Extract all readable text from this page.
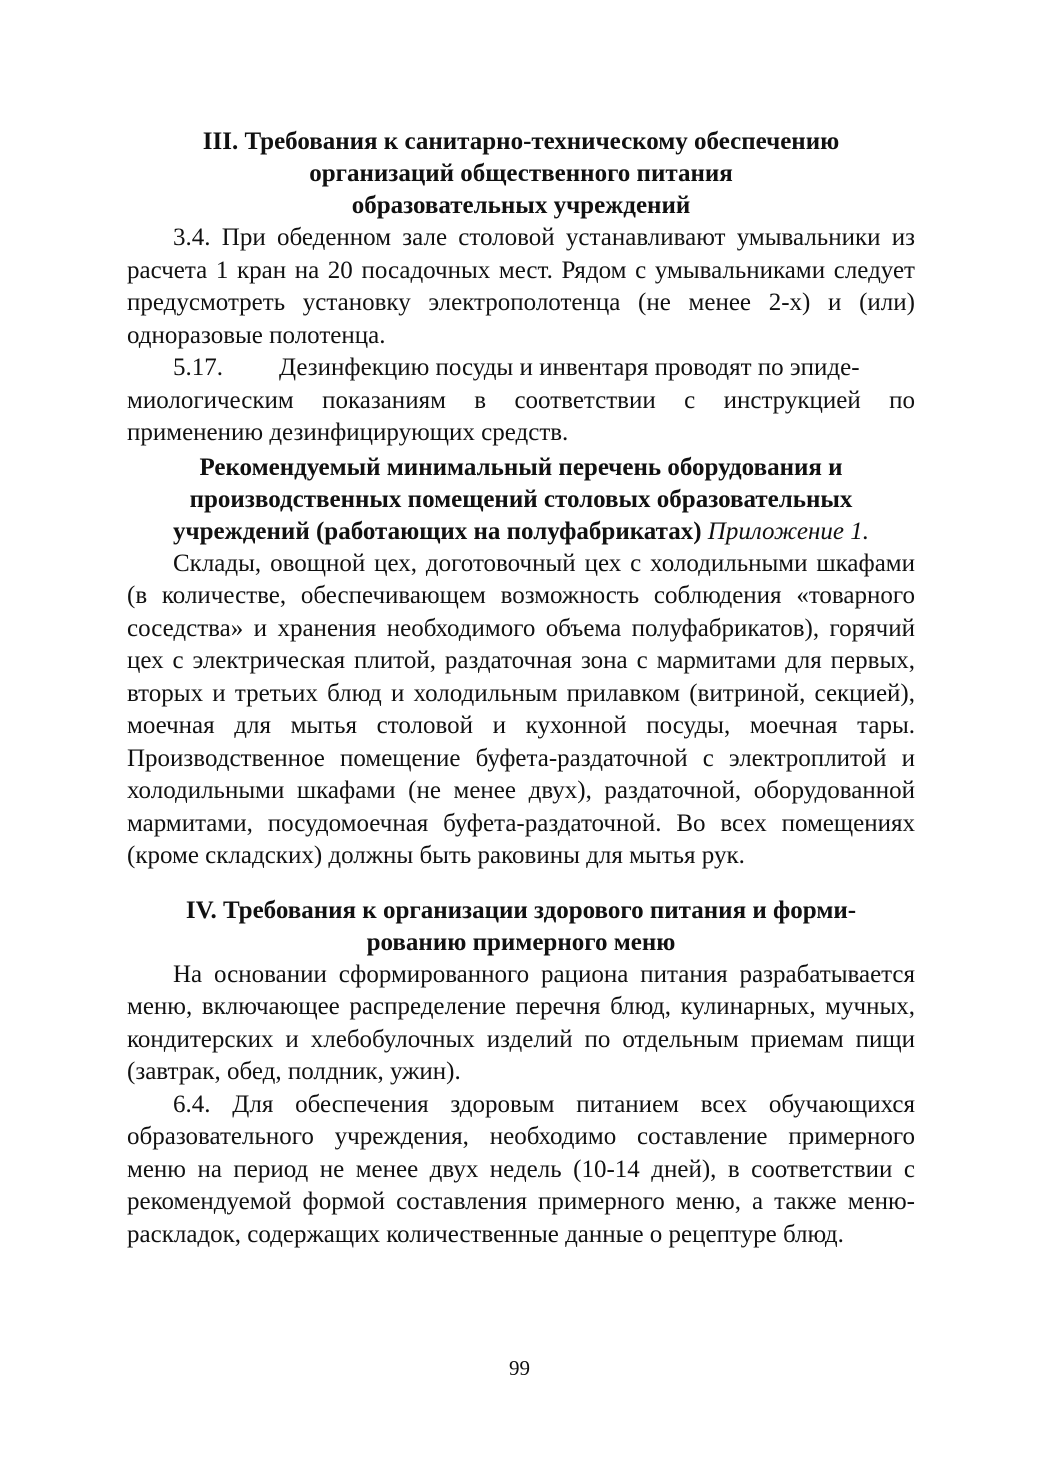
III. Требования к санитарно-техническому обеспечению
организаций общественного питания
образовательных учреждений

3.4. При обеденном зале столовой устанавливают умывальники из расчета 1 кран на 20 посадочных мест. Рядом с умывальниками следует предусмотреть установку электрополотенца (не менее 2-х) и (или) одноразовые полотенца.

5.17. Дезинфекцию посуды и инвентаря проводят по эпиде-

миологическим показаниям в соответствии с инструкцией по применению дезинфицирующих средств.

Рекомендуемый минимальный перечень оборудования и
производственных помещений столовых образовательных
учреждений (работающих на полуфабрикатах) Приложение 1.

Склады, овощной цех, доготовочный цех с холодильными шкафами (в количестве, обеспечивающем возможность соблюдения «товарного соседства» и хранения необходимого объема полуфабрикатов), горячий цех с электрическая плитой, раздаточная зона с мармитами для первых, вторых и третьих блюд и холодильным прилавком (витриной, секцией), моечная для мытья столовой и кухонной посуды, моечная тары. Производственное помещение буфета-раздаточной с электроплитой и холодильными шкафами (не менее двух), раздаточной, оборудованной мармитами, посудомоечная буфета-раздаточной. Во всех помещениях (кроме складских) должны быть раковины для мытья рук.

IV. Требования к организации здорового питания и форми-
рованию примерного меню

На основании сформированного рациона питания разрабатывается меню, включающее распределение перечня блюд, кулинарных, мучных, кондитерских и хлебобулочных изделий по отдельным приемам пищи (завтрак, обед, полдник, ужин).

6.4. Для обеспечения здоровым питанием всех обучающихся образовательного учреждения, необходимо составление примерного меню на период не менее двух недель (10-14 дней), в соответствии с рекомендуемой формой составления примерного меню, а также меню-раскладок, содержащих количественные данные о рецептуре блюд.

99
